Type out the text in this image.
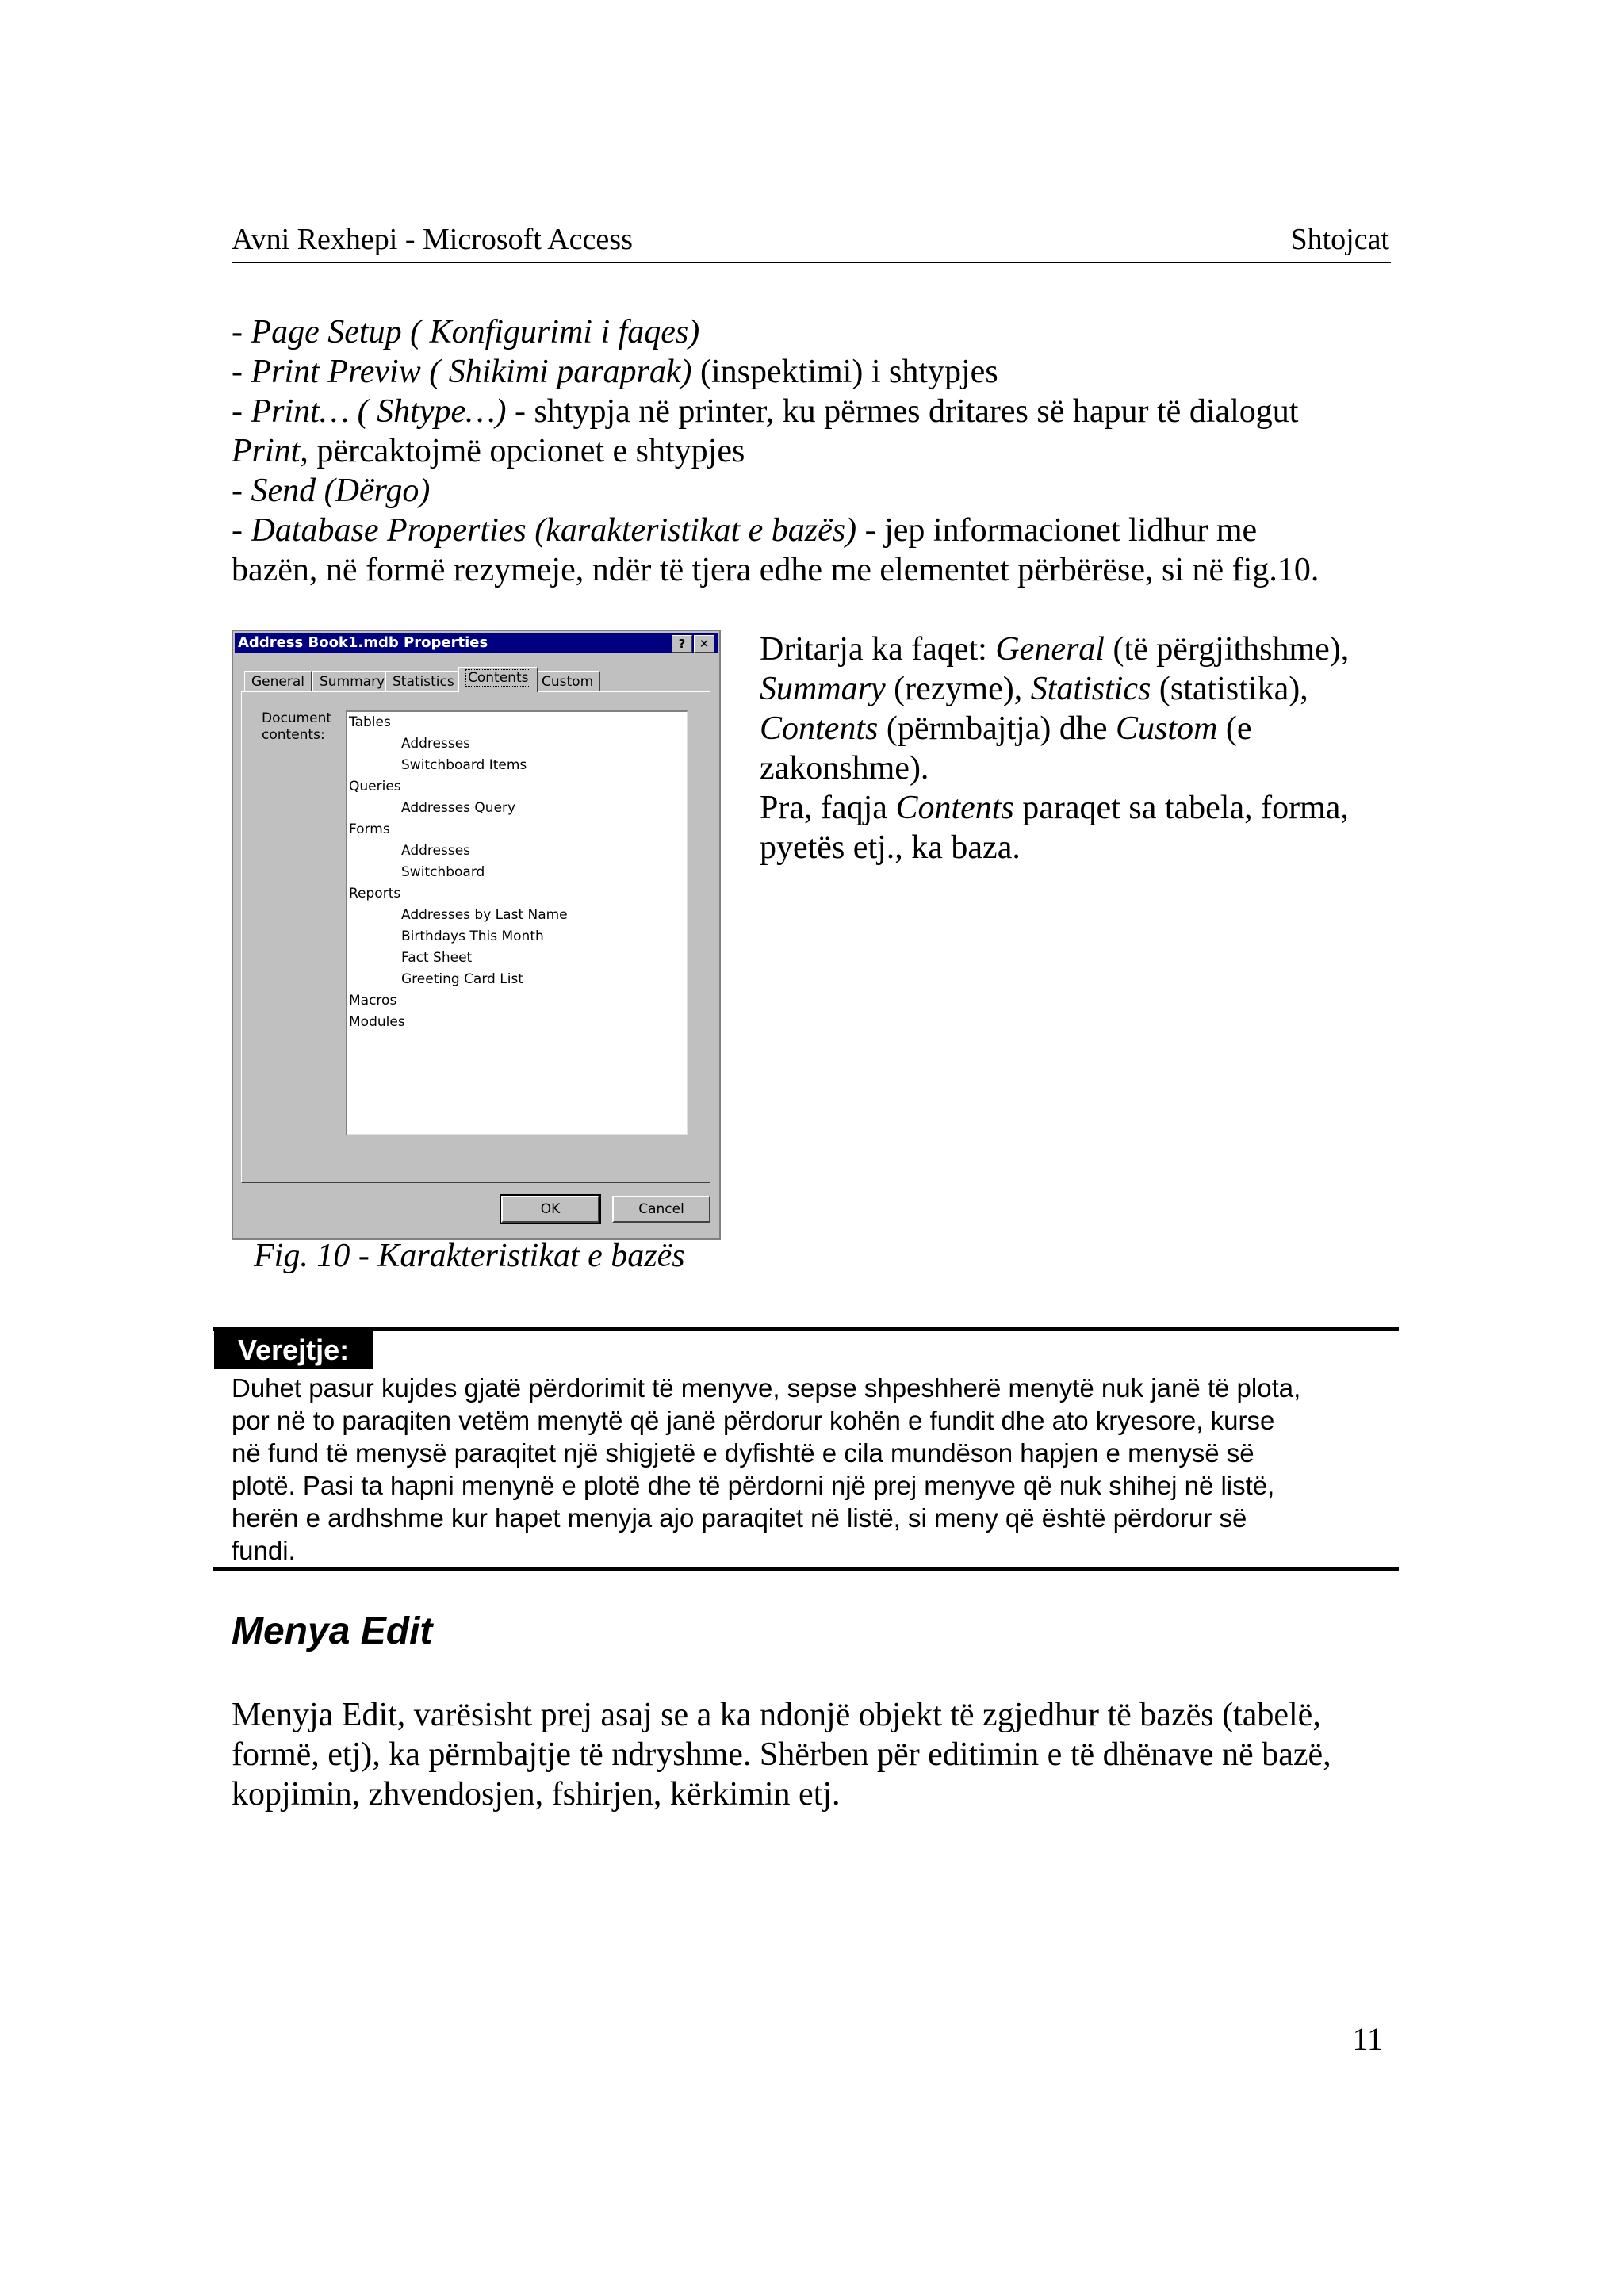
Avni Rexhepi - Microsoft Access	Shtojcat
- Page Setup ( Konfigurimi i faqes)
- Print Previw ( Shikimi paraprak) (inspektimi) i shtypjes
- Print… ( Shtype…) - shtypja në printer, ku përmes dritares së hapur të dialogut
Print, përcaktojmë opcionet e shtypjes
- Send (Dërgo)
- Database Properties (karakteristikat e bazës) - jep informacionet lidhur me
bazën, në formë rezymeje, ndër të tjera edhe me elementet përbërëse, si në fig.10.
Address Book1.mdb Properties	?	✕
General	Summary Statistics	Contents Custom
Document contents:
Tables
Addresses
Switchboard Items
Queries
Addresses Query
Forms
Addresses
Switchboard
Reports
Addresses by Last Name
Birthdays This Month
Fact Sheet
Greeting Card List
Macros
Modules
OK	Cancel
Dritarja ka faqet: General (të përgjithshme),
Summary (rezyme), Statistics (statistika),
Contents (përmbajtja) dhe Custom (e
zakonshme).
Pra, faqja Contents paraqet sa tabela, forma,
pyetës etj., ka baza.
Fig. 10 - Karakteristikat e bazës
Verejtje:
Duhet pasur kujdes gjatë përdorimit të menyve, sepse shpeshherë menytë nuk janë të plota,
por në to paraqiten vetëm menytë që janë përdorur kohën e fundit dhe ato kryesore, kurse
në fund të menysë paraqitet një shigjetë e dyfishtë e cila mundëson hapjen e menysë së
plotë. Pasi ta hapni menynë e plotë dhe të përdorni një prej menyve që nuk shihej në listë,
herën e ardhshme kur hapet menyja ajo paraqitet në listë, si meny që është përdorur së
fundi.
Menya Edit
Menyja Edit, varësisht prej asaj se a ka ndonjë objekt të zgjedhur të bazës (tabelë,
formë, etj), ka përmbajtje të ndryshme. Shërben për editimin e të dhënave në bazë,
kopjimin, zhvendosjen, fshirjen, kërkimin etj.
11
